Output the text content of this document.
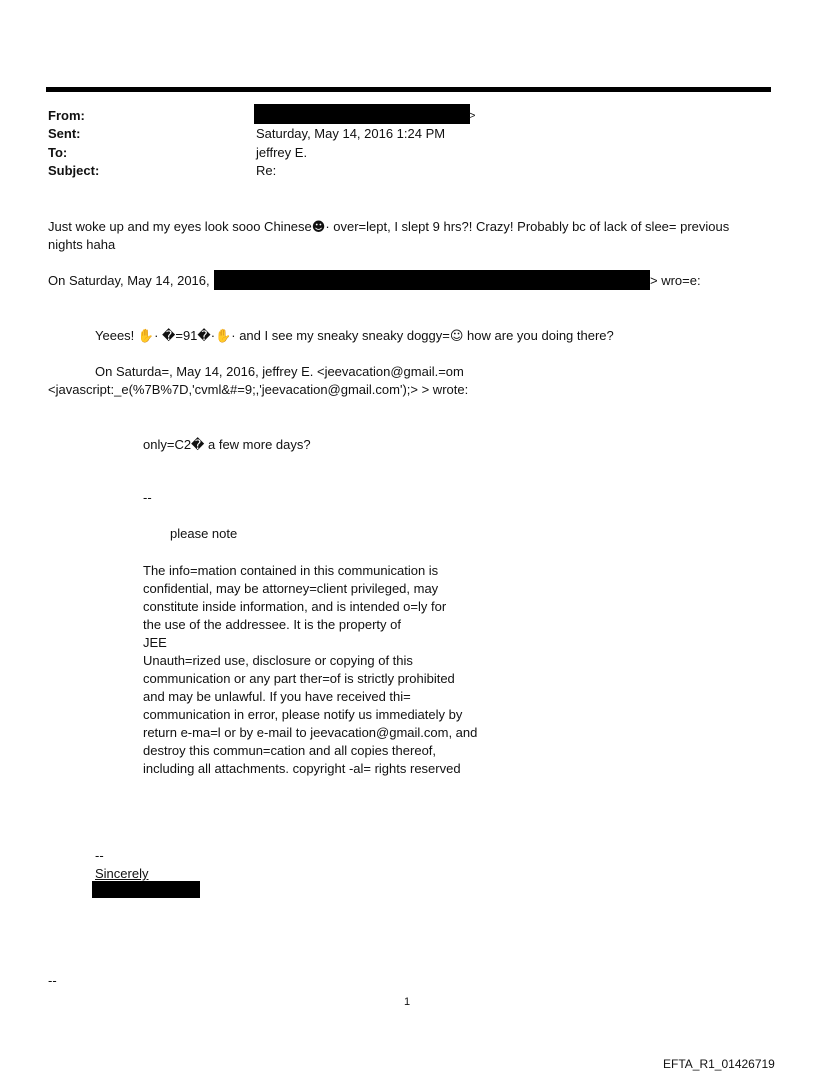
From:
Sent:
To:
Subject:
>
Saturday, May 14, 2016 1:24 PM
jeffrey E.
Re:
Just woke up and my eyes look sooo Chinese☻· over=lept, I slept 9 hrs?! Crazy! Probably bc of lack of slee= previous
nights haha
On Saturday, May 14, 2016,	> wro=e:
Yeees! ✋· �=91�·✋· and I see my sneaky sneaky doggy=☺ how are you doing there?
On Saturda=, May 14, 2016, jeffrey E. <jeevacation@gmail.=om
<javascript:_e(%7B%7D,'cvml&#=9;,'jeevacation@gmail.com');> > wrote:
only=C2� a few more days?
--
please note
The info=mation contained in this communication is
confidential, may be attorney=client privileged, may
constitute inside information, and is intended o=ly for
the use of the addressee. It is the property of
JEE
Unauth=rized use, disclosure or copying of this
communication or any part ther=of is strictly prohibited
and may be unlawful. If you have received thi=
communication in error, please notify us immediately by
return e-ma=l or by e-mail to jeevacation@gmail.com, and
destroy this commun=cation and all copies thereof,
including all attachments. copyright -al= rights reserved
--
Sincerely
--
1
EFTA_R1_01426719
